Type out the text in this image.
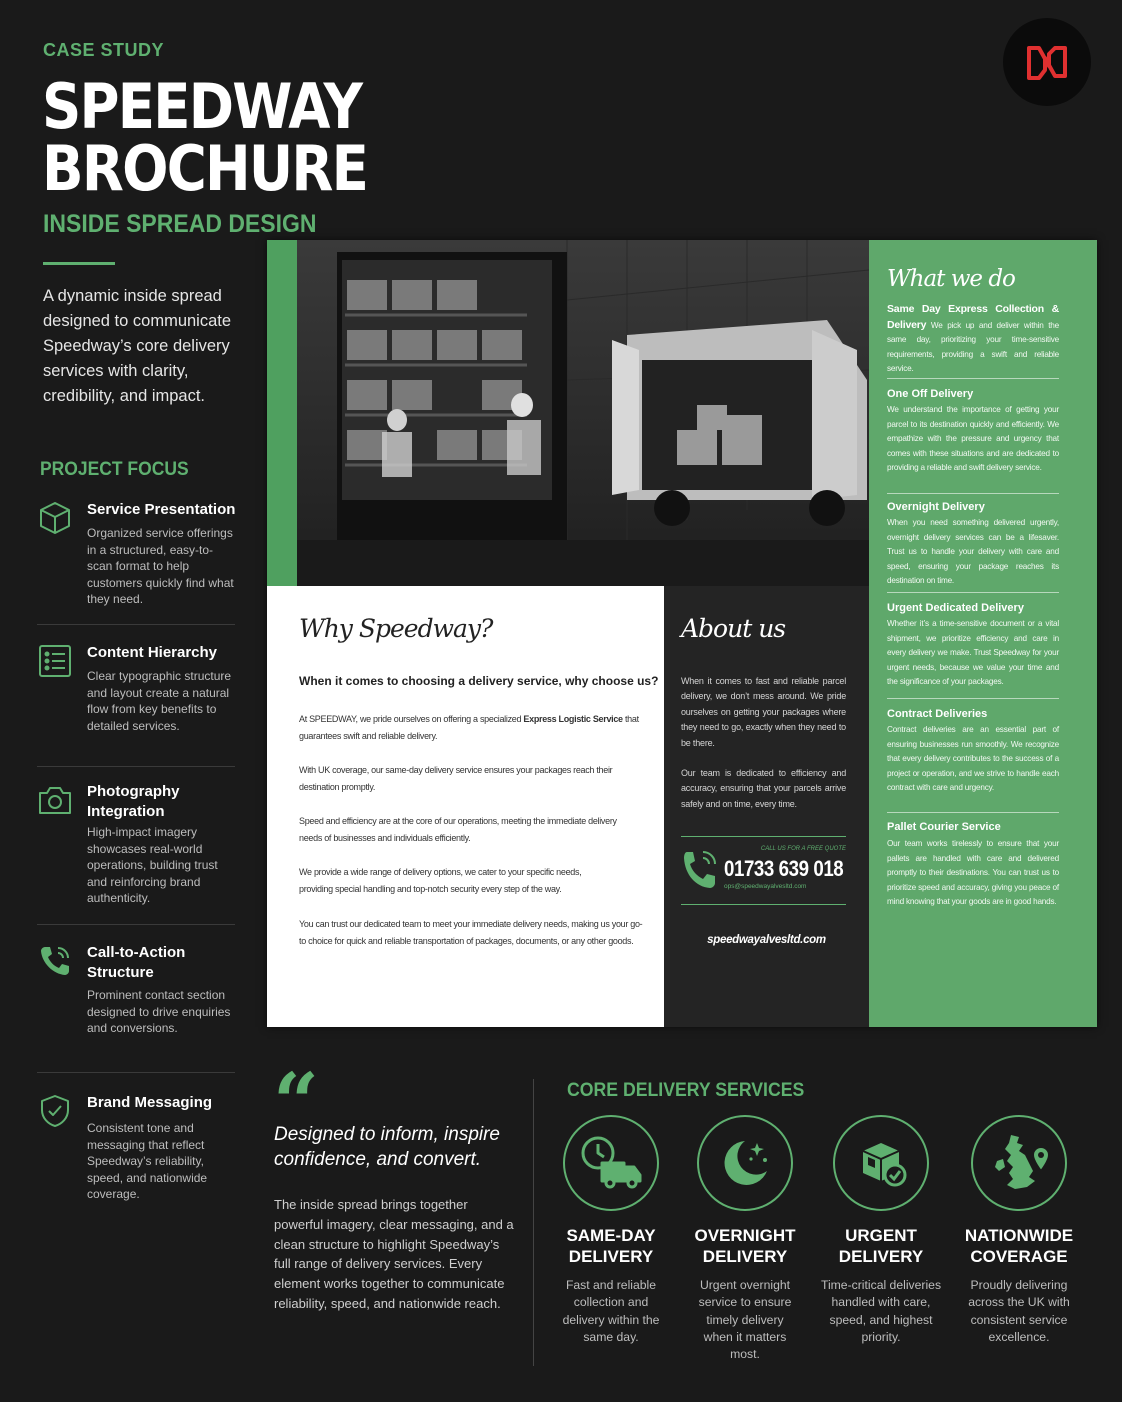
CASE STUDY
SPEEDWAY
BROCHURE
INSIDE SPREAD DESIGN
A dynamic inside spread designed to communicate Speedway’s core delivery services with clarity, credibility, and impact.
PROJECT FOCUS
Service Presentation
Organized service offerings in a structured, easy-to-scan format to help customers quickly find what they need.
Content Hierarchy
Clear typographic structure and layout create a natural flow from key benefits to detailed services.
Photography Integration
High-impact imagery showcases real-world operations, building trust and reinforcing brand authenticity.
Call-to-Action Structure
Prominent contact section designed to drive enquiries and conversions.
Brand Messaging
Consistent tone and messaging that reflect Speedway’s reliability, speed, and nationwide coverage.
Why Speedway?
When it comes to choosing a delivery service, why choose us?
At SPEEDWAY, we pride ourselves on offering a specialized Express Logistic Service that guarantees swift and reliable delivery.
With UK coverage, our same-day delivery service ensures your packages reach their destination promptly.
Speed and efficiency are at the core of our operations, meeting the immediate delivery needs of businesses and individuals efficiently.
We provide a wide range of delivery options, we cater to your specific needs, providing special handling and top-notch security every step of the way.
You can trust our dedicated team to meet your immediate delivery needs, making us your go-to choice for quick and reliable transportation of packages, documents, or any other goods.
About us
When it comes to fast and reliable parcel delivery, we don’t mess around. We pride ourselves on getting your packages where they need to go, exactly when they need to be there.
Our team is dedicated to efficiency and accuracy, ensuring that your parcels arrive safely and on time, every time.
CALL US FOR A FREE QUOTE
01733 639 018
ops@speedwayalvesltd.com
speedwayalvesltd.com
What we do
Same Day Express Collection & Delivery We pick up and deliver within the same day, prioritizing your time-sensitive requirements, providing a swift and reliable service.
One Off Delivery
We understand the importance of getting your parcel to its destination quickly and efficiently. We empathize with the pressure and urgency that comes with these situations and are dedicated to providing a reliable and swift delivery service.
Overnight Delivery
When you need something delivered urgently, overnight delivery services can be a lifesaver. Trust us to handle your delivery with care and speed, ensuring your package reaches its destination on time.
Urgent Dedicated Delivery
Whether it’s a time-sensitive document or a vital shipment, we prioritize efficiency and care in every delivery we make. Trust Speedway for your urgent needs, because we value your time and the significance of your packages.
Contract Deliveries
Contract deliveries are an essential part of ensuring businesses run smoothly. We recognize that every delivery contributes to the success of a project or operation, and we strive to handle each contract with care and urgency.
Pallet Courier Service
Our team works tirelessly to ensure that your pallets are handled with care and delivered promptly to their destinations. You can trust us to prioritize speed and accuracy, giving you peace of mind knowing that your goods are in good hands.
“
Designed to inform, inspire confidence, and convert.
The inside spread brings together powerful imagery, clear messaging, and a clean structure to highlight Speedway’s full range of delivery services. Every element works together to communicate reliability, speed, and nationwide reach.
CORE DELIVERY SERVICES
SAME-DAY
DELIVERY
Fast and reliable collection and delivery within the same day.
OVERNIGHT
DELIVERY
Urgent overnight service to ensure timely delivery when it matters most.
URGENT
DELIVERY
Time-critical deliveries handled with care, speed, and highest priority.
NATIONWIDE
COVERAGE
Proudly delivering across the UK with consistent service excellence.
